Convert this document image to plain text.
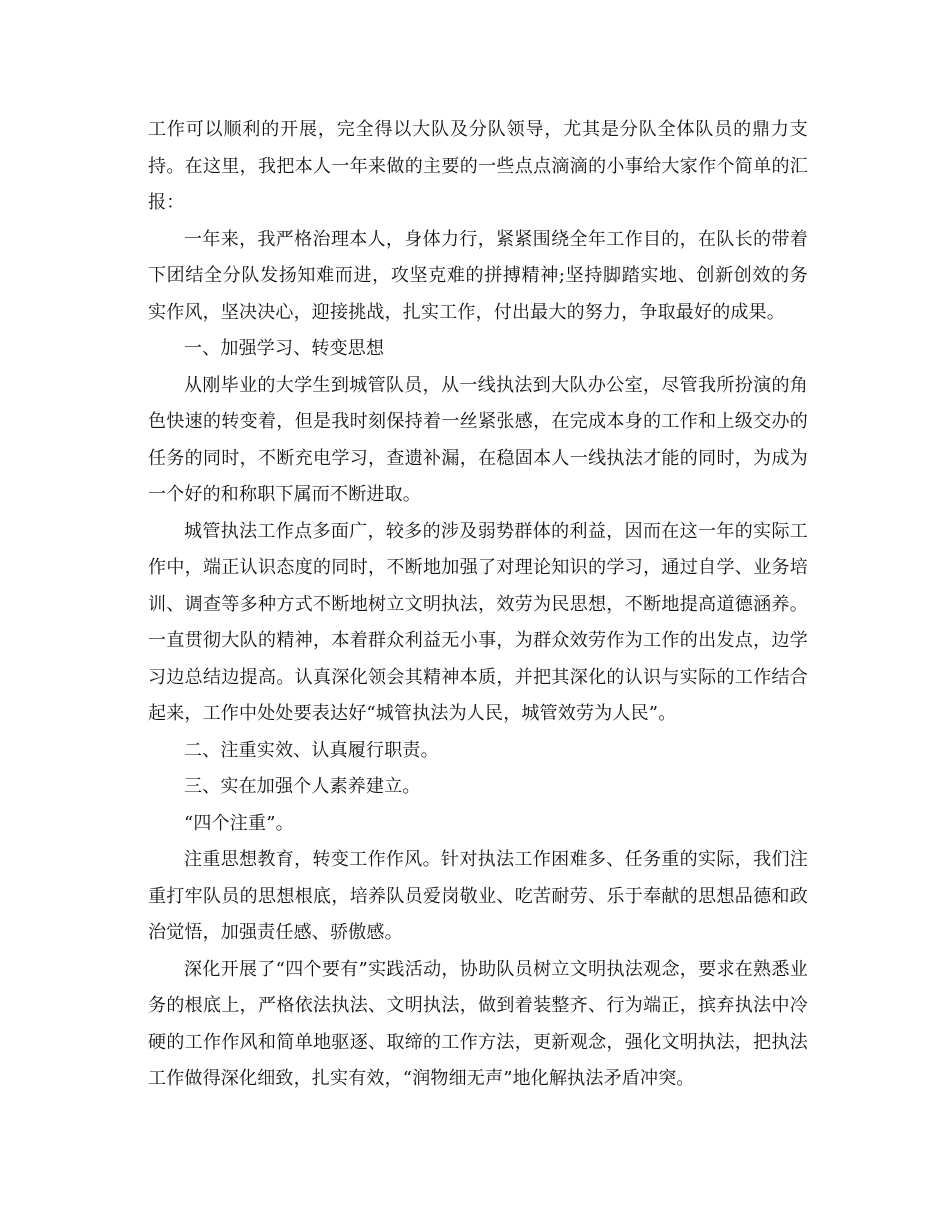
工作可以顺利的开展，完全得以大队及分队领导，尤其是分队全体队员的鼎力支持。在这里，我把本人一年来做的主要的一些点点滴滴的小事给大家作个简单的汇报：

一年来，我严格治理本人，身体力行，紧紧围绕全年工作目的，在队长的带着下团结全分队发扬知难而进，攻坚克难的拼搏精神;坚持脚踏实地、创新创效的务实作风，坚决决心，迎接挑战，扎实工作，付出最大的努力，争取最好的成果。

一、加强学习、转变思想

从刚毕业的大学生到城管队员，从一线执法到大队办公室，尽管我所扮演的角色快速的转变着，但是我时刻保持着一丝紧张感，在完成本身的工作和上级交办的任务的同时，不断充电学习，查遗补漏，在稳固本人一线执法才能的同时，为成为一个好的和称职下属而不断进取。

城管执法工作点多面广，较多的涉及弱势群体的利益，因而在这一年的实际工作中，端正认识态度的同时，不断地加强了对理论知识的学习，通过自学、业务培训、调查等多种方式不断地树立文明执法，效劳为民思想，不断地提高道德涵养。一直贯彻大队的精神，本着群众利益无小事，为群众效劳作为工作的出发点，边学习边总结边提高。认真深化领会其精神本质，并把其深化的认识与实际的工作结合起来，工作中处处要表达好“城管执法为人民，城管效劳为人民”。

二、注重实效、认真履行职责。

三、实在加强个人素养建立。

“四个注重”。

注重思想教育，转变工作作风。针对执法工作困难多、任务重的实际，我们注重打牢队员的思想根底，培养队员爱岗敬业、吃苦耐劳、乐于奉献的思想品德和政治觉悟，加强责任感、骄傲感。

深化开展了“四个要有”实践活动，协助队员树立文明执法观念，要求在熟悉业务的根底上，严格依法执法、文明执法，做到着装整齐、行为端正，摈弃执法中冷硬的工作作风和简单地驱逐、取缔的工作方法，更新观念，强化文明执法，把执法工作做得深化细致，扎实有效，“润物细无声”地化解执法矛盾冲突。
